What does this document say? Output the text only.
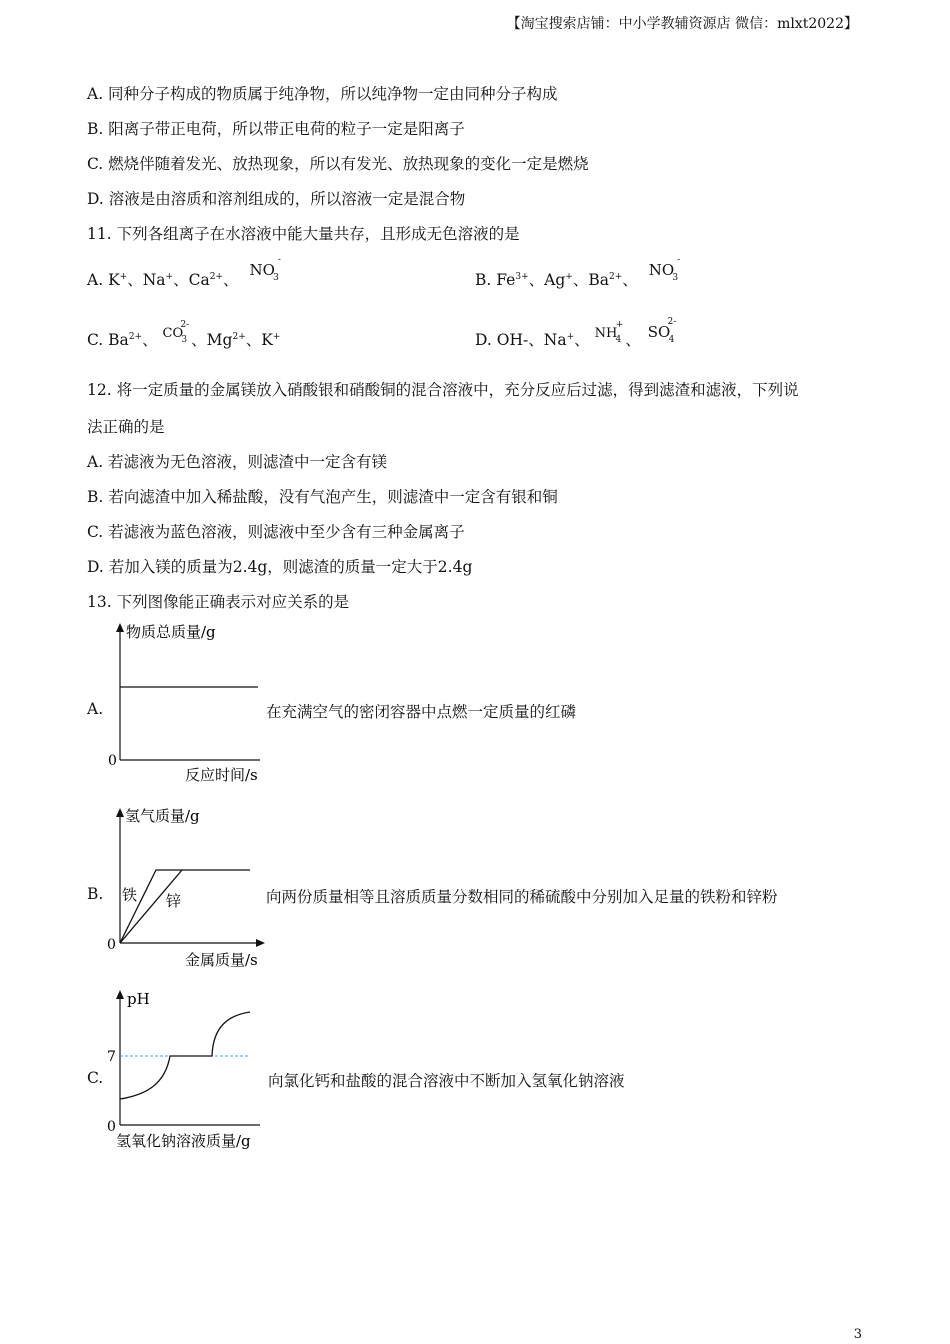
【淘宝搜索店铺：中小学教辅资源店 微信：mlxt2022】
A. 同种分子构成的物质属于纯净物，所以纯净物一定由同种分子构成
B. 阳离子带正电荷，所以带正电荷的粒子一定是阳离子
C. 燃烧伴随着发光、放热现象，所以有发光、放热现象的变化一定是燃烧
D. 溶液是由溶质和溶剂组成的，所以溶液一定是混合物
11. 下列各组离子在水溶液中能大量共存，且形成无色溶液的是
A. K+、Na+、$Ca^{2+}$、 NO
-
3	B. $Fe^{3+}$、Ag+、$Ba^{2+}$、 NO
-
3
C. $Ba^{2+}$、 CO
2-
3 、$Mg^{2+}$、K+	D. OH-、Na+、 NH
+
4 、 SO
2-
4
12. 将一定质量的金属镁放入硝酸银和硝酸铜的混合溶液中，充分反应后过滤，得到滤渣和滤液，下列说
法正确的是
A. 若滤液为无色溶液，则滤渣中一定含有镁
B. 若向滤渣中加入稀盐酸，没有气泡产生，则滤渣中一定含有银和铜
C. 若滤液为蓝色溶液，则滤液中至少含有三种金属离子
D. 若加入镁的质量为2.4g，则滤渣的质量一定大于2.4g
13. 下列图像能正确表示对应关系的是
A.
0
物质总质量/g
反应时间/s
在充满空气的密闭容器中点燃一定质量的红磷
B. 铁 锌
0
氢气质量/g
金属质量/s
向两份质量相等且溶质质量分数相同的稀硫酸中分别加入足量的铁粉和锌粉
C.
7
0
pH
氢氧化钠溶液质量/g
向氯化钙和盐酸的混合溶液中不断加入氢氧化钠溶液
3
